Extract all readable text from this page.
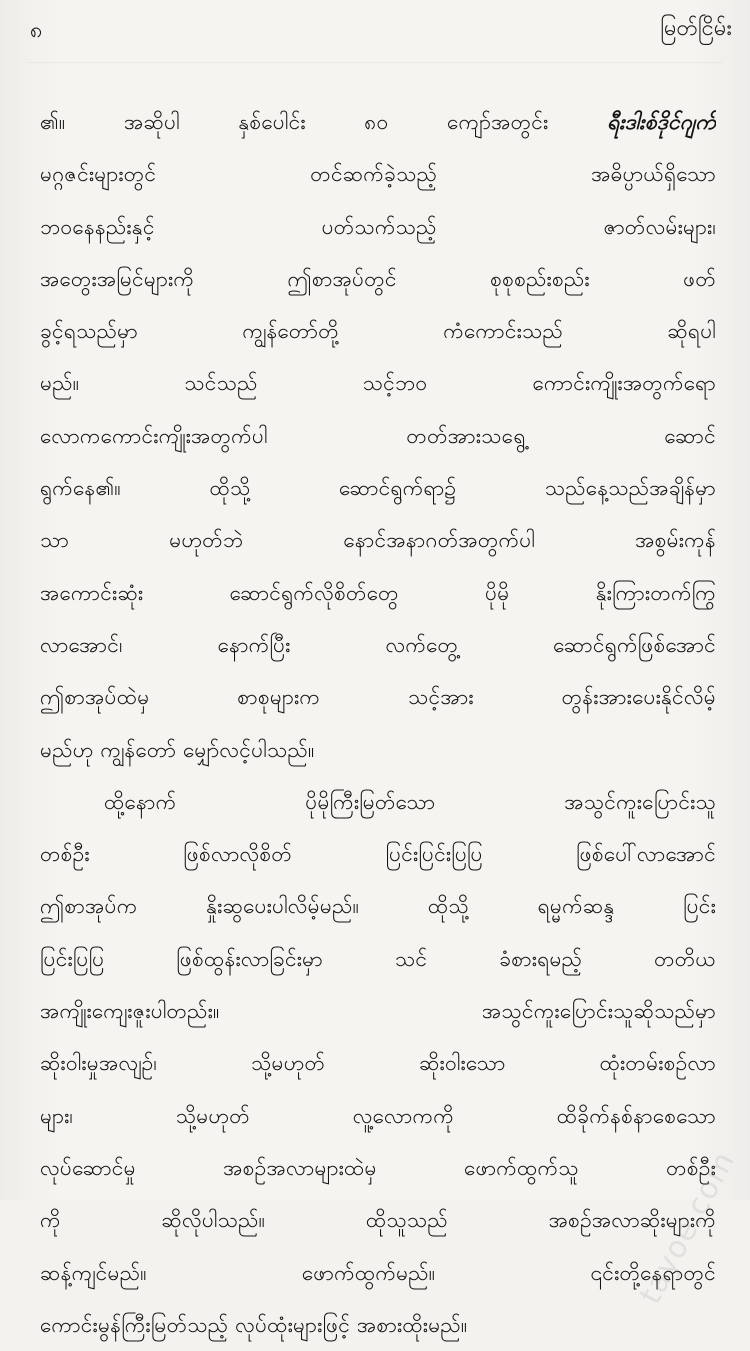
၈	မြတ်ငြိမ်း
၏။ အဆိုပါ နှစ်ပေါင်း ၈၀ ကျော်အတွင်း ရီးဒါးစ်ဒိုင်ဂျက်
မဂ္ဂဇင်းများတွင် တင်ဆက်ခဲ့သည့် အဓိပ္ပာယ်ရှိသော
ဘဝနေနည်းနှင့် ပတ်သက်သည့် ဇာတ်လမ်းများ၊
အတွေးအမြင်များကို ဤစာအုပ်တွင် စုစုစည်းစည်း ဖတ်
ခွင့်ရသည်မှာ ကျွန်တော်တို့ ကံကောင်းသည် ဆိုရပါ
မည်။ သင်သည် သင့်ဘဝ ကောင်းကျိုးအတွက်ရော
လောကကောင်းကျိုးအတွက်ပါ တတ်အားသရွေ့ ဆောင်
ရွက်နေ၏။ ထိုသို့ ဆောင်ရွက်ရာ၌ သည်နေ့သည်အချိန်မှာ
သာ မဟုတ်ဘဲ နောင်အနာဂတ်အတွက်ပါ အစွမ်းကုန်
အကောင်းဆုံး ဆောင်ရွက်လိုစိတ်တွေ ပိုမို နိုးကြားတက်ကြွ
လာအောင်၊ နောက်ပြီး လက်တွေ့ ဆောင်ရွက်ဖြစ်အောင်
ဤစာအုပ်ထဲမှ စာစုများက သင့်အား တွန်းအားပေးနိုင်လိမ့်
မည်ဟု ကျွန်တော် မျှော်လင့်ပါသည်။
ထို့နောက် ပိုမိုကြီးမြတ်သော အသွင်ကူးပြောင်းသူ
တစ်ဦး ဖြစ်လာလိုစိတ် ပြင်းပြင်းပြပြ ဖြစ်ပေါ်လာအောင်
ဤစာအုပ်က နှိုးဆွပေးပါလိမ့်မည်။ ထိုသို့ ရမ္မက်ဆန္ဒ ပြင်း
ပြင်းပြပြ ဖြစ်ထွန်းလာခြင်းမှာ သင် ခံစားရမည့် တတိယ
အကျိုးကျေးဇူးပါတည်း။ အသွင်ကူးပြောင်းသူဆိုသည်မှာ
ဆိုးဝါးမှုအလျဉ်၊ သို့မဟုတ် ဆိုးဝါးသော ထုံးတမ်းစဉ်လာ
များ၊ သို့မဟုတ် လူ့လောကကို ထိခိုက်နစ်နာစေသော
လုပ်ဆောင်မှု အစဉ်အလာများထဲမှ ဖောက်ထွက်သူ တစ်ဦး
ကို ဆိုလိုပါသည်။ ထိုသူသည် အစဉ်အလာဆိုးများကို
ဆန့်ကျင်မည်။ ဖောက်ထွက်မည်။ ၎င်းတို့နေရာတွင်
ကောင်းမွန်ကြီးမြတ်သည့် လုပ်ထုံးများဖြင့် အစားထိုးမည်။
tayoe.com
